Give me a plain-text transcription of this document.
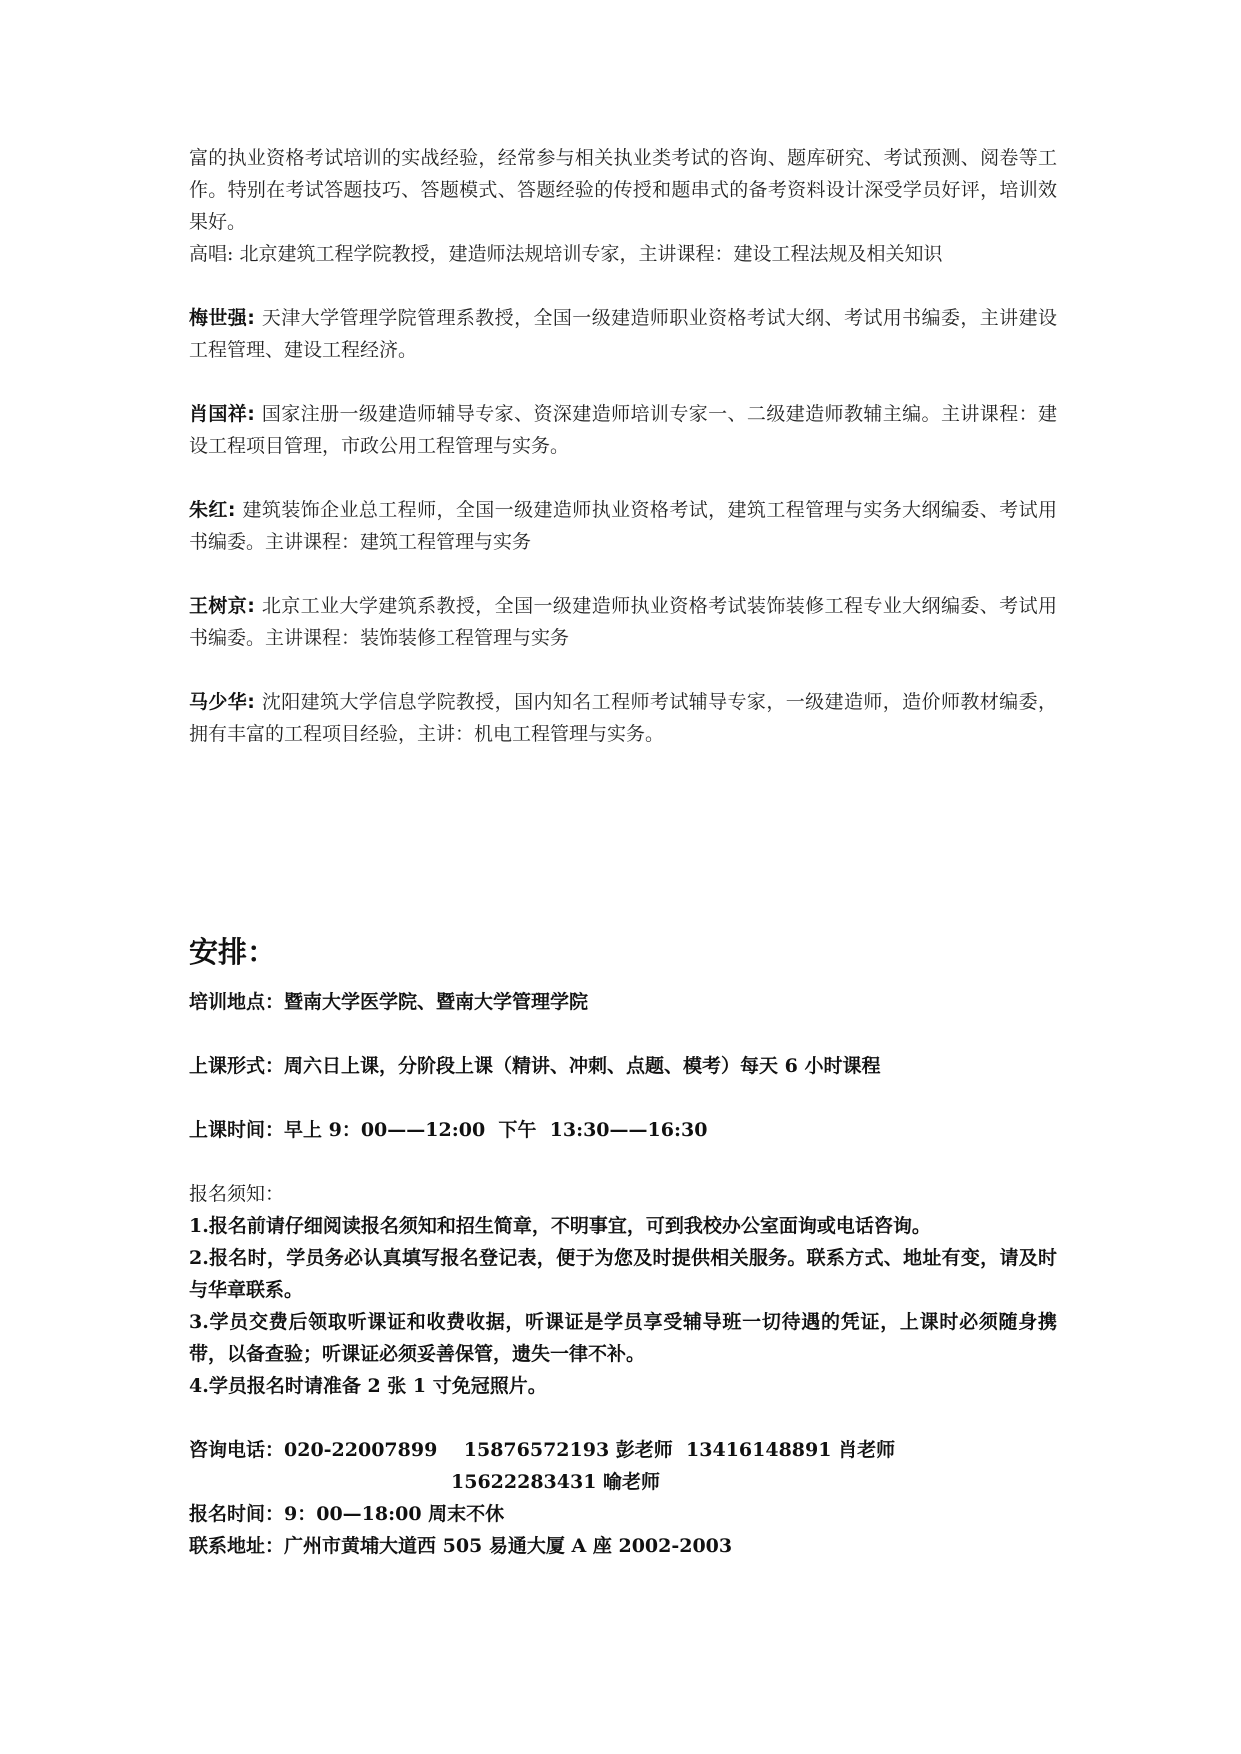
富的执业资格考试培训的实战经验，经常参与相关执业类考试的咨询、题库研究、考试预测、阅卷等工作。特别在考试答题技巧、答题模式、答题经验的传授和题串式的备考资料设计深受学员好评，培训效果好。

高唱: 北京建筑工程学院教授，建造师法规培训专家，主讲课程：建设工程法规及相关知识

梅世强: 天津大学管理学院管理系教授，全国一级建造师职业资格考试大纲、考试用书编委，主讲建设工程管理、建设工程经济。

肖国祥: 国家注册一级建造师辅导专家、资深建造师培训专家一、二级建造师教辅主编。主讲课程：建设工程项目管理，市政公用工程管理与实务。

朱红: 建筑装饰企业总工程师，全国一级建造师执业资格考试，建筑工程管理与实务大纲编委、考试用书编委。主讲课程：建筑工程管理与实务

王树京: 北京工业大学建筑系教授，全国一级建造师执业资格考试装饰装修工程专业大纲编委、考试用书编委。主讲课程：装饰装修工程管理与实务

马少华: 沈阳建筑大学信息学院教授，国内知名工程师考试辅导专家，一级建造师，造价师教材编委，拥有丰富的工程项目经验，主讲：机电工程管理与实务。

安排：

培训地点：暨南大学医学院、暨南大学管理学院

上课形式：周六日上课，分阶段上课（精讲、冲刺、点题、模考）每天 6 小时课程

上课时间：早上 9：00——12:00  下午  13:30——16:30

报名须知：

1.报名前请仔细阅读报名须知和招生简章，不明事宜，可到我校办公室面询或电话咨询。

2.报名时，学员务必认真填写报名登记表，便于为您及时提供相关服务。联系方式、地址有变，请及时与华章联系。

3.学员交费后领取听课证和收费收据，听课证是学员享受辅导班一切待遇的凭证，上课时必须随身携带，以备查验；听课证必须妥善保管，遗失一律不补。

4.学员报名时请准备 2 张 1 寸免冠照片。

咨询电话：020-22007899    15876572193 彭老师  13416148891 肖老师

15622283431 喻老师

报名时间：9：00—18:00 周末不休

联系地址：广州市黄埔大道西 505 易通大厦 A 座 2002-2003
